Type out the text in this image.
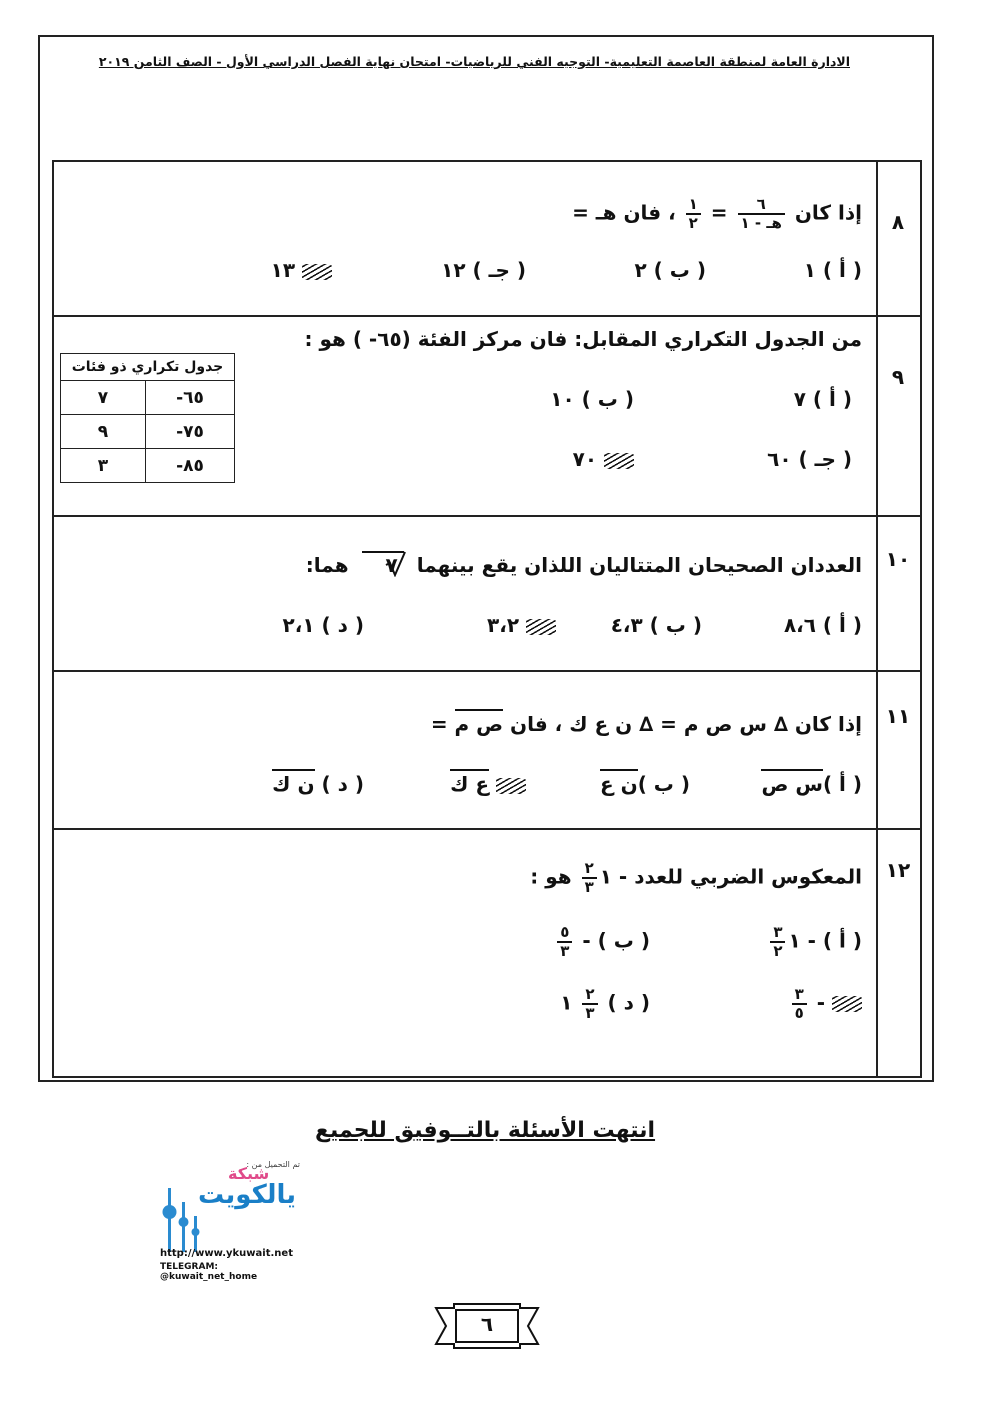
الادارة العامة لمنطقة العاصمة التعليمية- التوجيه الفني للرياضيات- امتحان نهاية الفصل الدراسي الأول - الصف الثامن ٢٠١٩
٨
إذا كان
$\frac{٦}{\text{هـ - ١}}$
=
$\frac{١}{٢}$
، فان هـ =
( أ ) ١
( ب ) ٢
( جـ ) ١٢
١٣
٩
من الجدول التكراري المقابل: فان مركز الفئة (٦٥- ) هو :
جدول تكراري ذو فئات	
٦٥-	٧
٧٥-	٩
٨٥-	٣
( أ ) ٧
( ب ) ١٠
( جـ ) ٦٠
٧٠
١٠
العددان الصحيحان المتتاليان اللذان يقع بينهما
٧ هما:
( أ ) ٨،٦
( ب ) ٤،٣
٣،٢
( د ) ٢،١
١١
إذا كان ∆ س ص م = ∆ ن ع ك ، فان ص م =
( أ )س ص
( ب )ن ع
ع ك
( د ) ن ك
١٢
المعكوس الضربي للعدد - ١
$\frac{٢}{٣}$
هو :
( أ ) - ١
$\frac{٣}{٢}$
( ب ) -
$\frac{٥}{٣}$
-
$\frac{٣}{٥}$
( د )
$\frac{٢}{٣}$
١
انتهت الأسئلة بالتــوفيق للجميع
تم التحميل من :
شبكة
يالكويت
http://www.ykuwait.net
TELEGRAM: @kuwait_net_home
٦
